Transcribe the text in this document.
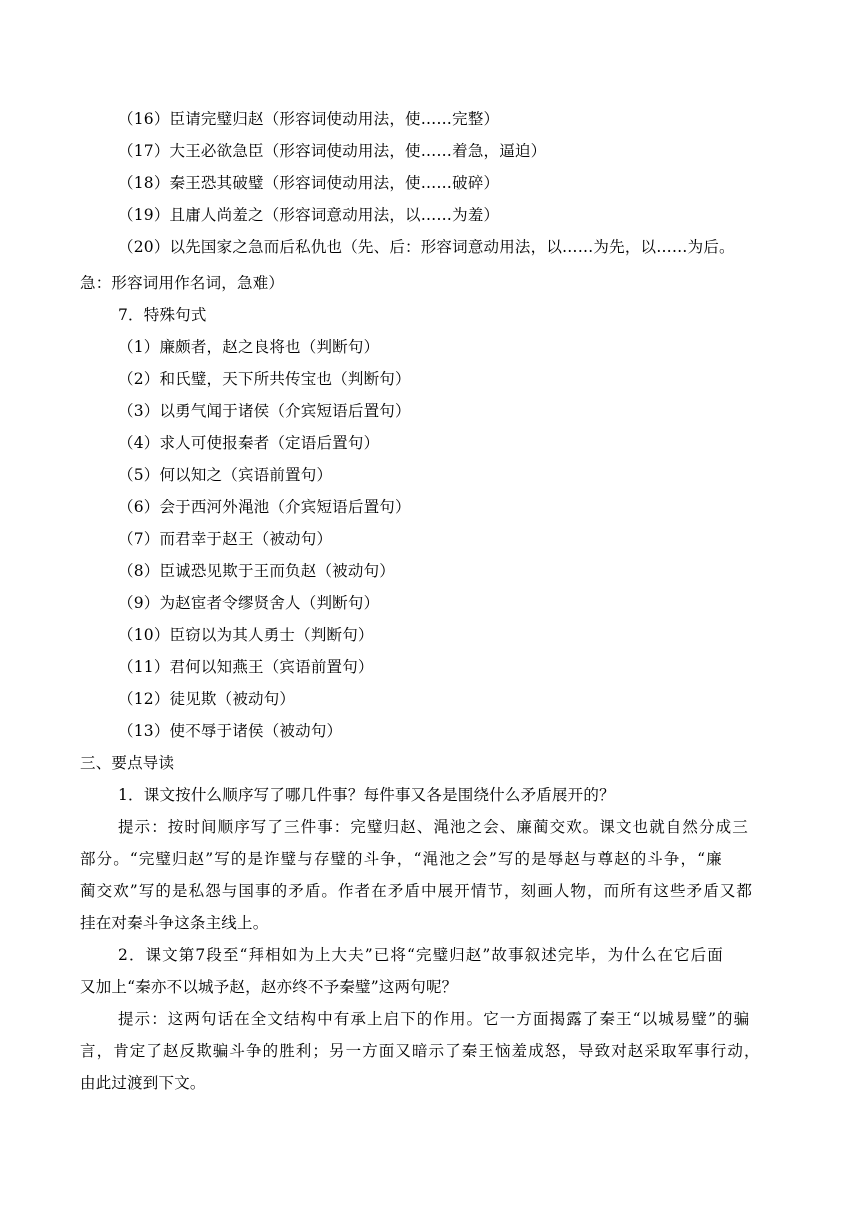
（16）臣请完璧归赵（形容词使动用法，使……完整）
（17）大王必欲急臣（形容词使动用法，使……着急，逼迫）
（18）秦王恐其破璧（形容词使动用法，使……破碎）
（19）且庸人尚羞之（形容词意动用法，以……为羞）
（20）以先国家之急而后私仇也（先、后：形容词意动用法，以……为先，以……为后。
急：形容词用作名词，急难）
7．特殊句式
（1）廉颇者，赵之良将也（判断句）
（2）和氏璧，天下所共传宝也（判断句）
（3）以勇气闻于诸侯（介宾短语后置句）
（4）求人可使报秦者（定语后置句）
（5）何以知之（宾语前置句）
（6）会于西河外渑池（介宾短语后置句）
（7）而君幸于赵王（被动句）
（8）臣诚恐见欺于王而负赵（被动句）
（9）为赵宦者令缪贤舍人（判断句）
（10）臣窃以为其人勇士（判断句）
（11）君何以知燕王（宾语前置句）
（12）徒见欺（被动句）
（13）使不辱于诸侯（被动句）
三、要点导读
1．课文按什么顺序写了哪几件事？每件事又各是围绕什么矛盾展开的？
提示：按时间顺序写了三件事：完璧归赵、渑池之会、廉蔺交欢。课文也就自然分成三
部分。“完璧归赵”写的是诈璧与存璧的斗争，“渑池之会”写的是辱赵与尊赵的斗争，“廉
蔺交欢”写的是私怨与国事的矛盾。作者在矛盾中展开情节，刻画人物，而所有这些矛盾又都
挂在对秦斗争这条主线上。
2．课文第7段至“拜相如为上大夫”已将“完璧归赵”故事叙述完毕，为什么在它后面
又加上“秦亦不以城予赵，赵亦终不予秦璧”这两句呢？
提示：这两句话在全文结构中有承上启下的作用。它一方面揭露了秦王“以城易璧”的骗
言，肯定了赵反欺骗斗争的胜利；另一方面又暗示了秦王恼羞成怒，导致对赵采取军事行动，
由此过渡到下文。
